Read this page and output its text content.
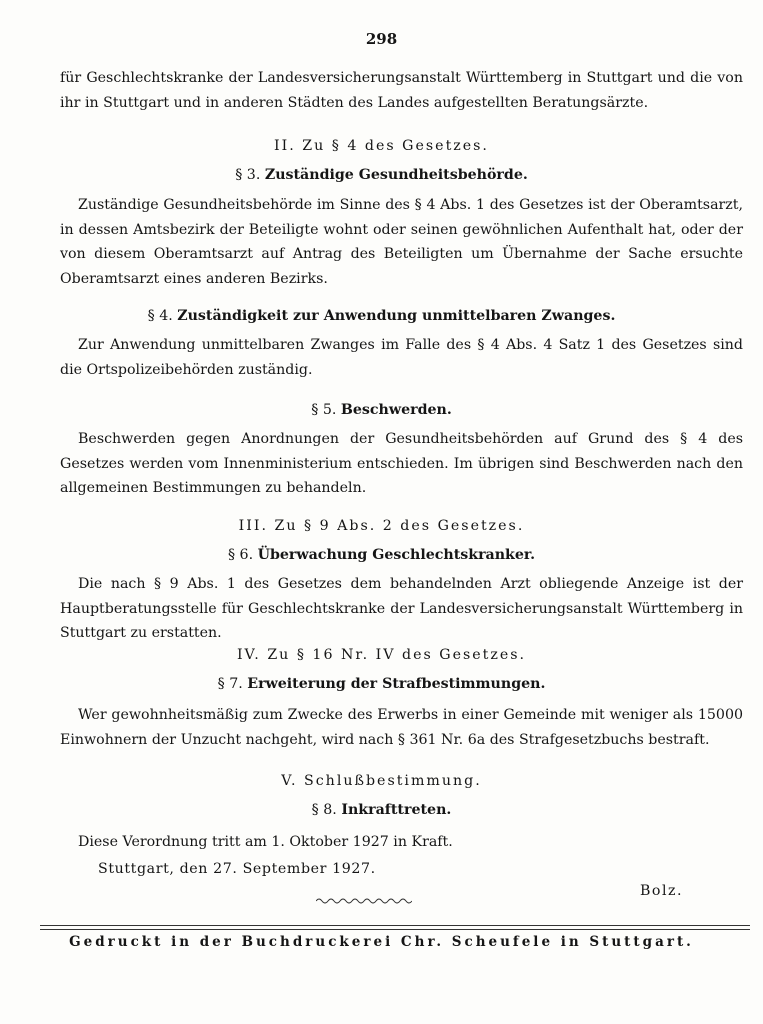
298
für Geschlechtskranke der Landesversicherungsanstalt Württemberg in Stuttgart und die von ihr in Stuttgart und in anderen Städten des Landes aufgestellten Beratungsärzte.
II. Zu § 4 des Gesetzes.
§ 3. Zuständige Gesundheitsbehörde.
Zuständige Gesundheitsbehörde im Sinne des § 4 Abs. 1 des Gesetzes ist der Oberamtsarzt, in dessen Amtsbezirk der Beteiligte wohnt oder seinen gewöhnlichen Aufenthalt hat, oder der von diesem Oberamtsarzt auf Antrag des Beteiligten um Übernahme der Sache ersuchte Oberamtsarzt eines anderen Bezirks.
§ 4. Zuständigkeit zur Anwendung unmittelbaren Zwanges.
Zur Anwendung unmittelbaren Zwanges im Falle des § 4 Abs. 4 Satz 1 des Gesetzes sind die Ortspolizeibehörden zuständig.
§ 5. Beschwerden.
Beschwerden gegen Anordnungen der Gesundheitsbehörden auf Grund des § 4 des Gesetzes werden vom Innenministerium entschieden. Im übrigen sind Beschwerden nach den allgemeinen Bestimmungen zu behandeln.
III. Zu § 9 Abs. 2 des Gesetzes.
§ 6. Überwachung Geschlechtskranker.
Die nach § 9 Abs. 1 des Gesetzes dem behandelnden Arzt obliegende Anzeige ist der Hauptberatungsstelle für Geschlechtskranke der Landesversicherungsanstalt Württemberg in Stuttgart zu erstatten.
IV. Zu § 16 Nr. IV des Gesetzes.
§ 7. Erweiterung der Strafbestimmungen.
Wer gewohnheitsmäßig zum Zwecke des Erwerbs in einer Gemeinde mit weniger als 15000 Einwohnern der Unzucht nachgeht, wird nach § 361 Nr. 6a des Strafgesetzbuchs bestraft.
V. Schlußbestimmung.
§ 8. Inkrafttreten.
Diese Verordnung tritt am 1. Oktober 1927 in Kraft.
Stuttgart, den 27. September 1927.
Bolz.
Gedruckt in der Buchdruckerei Chr. Scheufele in Stuttgart.
